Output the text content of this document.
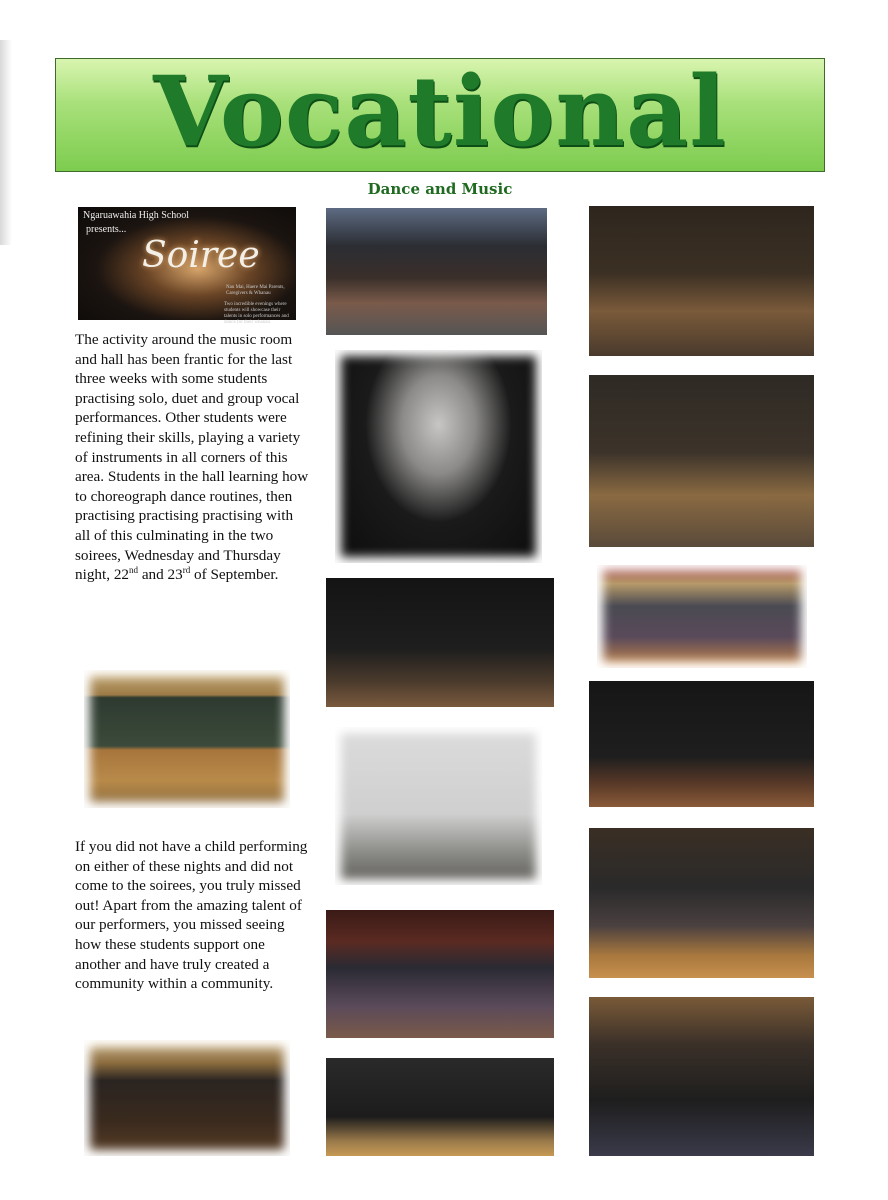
Vocational
Dance and Music
Ngaruawahia High School
presents...
Soiree
Nau Mai, Haere Mai Parents, Caregivers & Whanau
Two incredible evenings where students will showcase their talents in solo performances and dance for their whanau
The activity around the music room and hall has been frantic for the last three weeks with some students practising solo, duet and group vocal performances. Other students were refining their skills, playing a variety of instruments in all corners of this area. Students in the hall learning how to choreograph dance routines, then practising practising practising with all of this culminating in the two soirees, Wednesday and Thursday night, 22nd and 23rd of September.
If you did not have a child performing on either of these nights and did not come to the soirees, you truly missed out! Apart from the amazing talent of our performers, you missed seeing how these students support one another and have truly created a community within a community.
